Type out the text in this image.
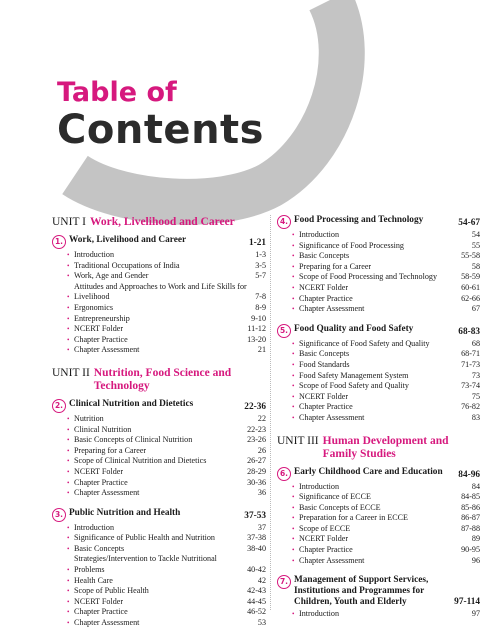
Table of
Contents
UNIT I Work, Livelihood and Career
1. Work, Livelihood and Career	1-21
• Introduction	1-3
• Traditional Occupations of India	3-5
• Work, Age and Gender	5-7
•
Attitudes and Approaches to Work and Life Skills for Livelihood	7-8
• Ergonomics	8-9
• Entrepreneurship	9-10
• NCERT Folder	11-12
• Chapter Practice	13-20
• Chapter Assessment	21
UNIT II Nutrition, Food Science and Technology
2. Clinical Nutrition and Dietetics	22-36
• Nutrition	22
• Clinical Nutrition	22-23
• Basic Concepts of Clinical Nutrition	23-26
• Preparing for a Career	26
• Scope of Clinical Nutrition and Dietetics	26-27
• NCERT Folder	28-29
• Chapter Practice	30-36
• Chapter Assessment	36
3. Public Nutrition and Health	37-53
• Introduction	37
• Significance of Public Health and Nutrition	37-38
• Basic Concepts	38-40
•
Strategies/Intervention to Tackle Nutritional Problems	40-42
• Health Care	42
• Scope of Public Health	42-43
• NCERT Folder	44-45
• Chapter Practice	46-52
• Chapter Assessment	53
4. Food Processing and Technology	54-67
• Introduction	54
• Significance of Food Processing	55
• Basic Concepts	55-58
• Preparing for a Career	58
• Scope of Food Processing and Technology	58-59
• NCERT Folder	60-61
• Chapter Practice	62-66
• Chapter Assessment	67
5. Food Quality and Food Safety	68-83
• Significance of Food Safety and Quality	68
• Basic Concepts	68-71
• Food Standards	71-73
• Food Safety Management System	73
• Scope of Food Safety and Quality	73-74
• NCERT Folder	75
• Chapter Practice	76-82
• Chapter Assessment	83
UNIT III Human Development and Family Studies
6. Early Childhood Care and Education	84-96
• Introduction	84
• Significance of ECCE	84-85
• Basic Concepts of ECCE	85-86
• Preparation for a Career in ECCE	86-87
• Scope of ECCE	87-88
• NCERT Folder	89
• Chapter Practice	90-95
• Chapter Assessment	96
7. Management of Support Services, Institutions and Programmes for Children, Youth and Elderly	97-114
• Introduction	97
